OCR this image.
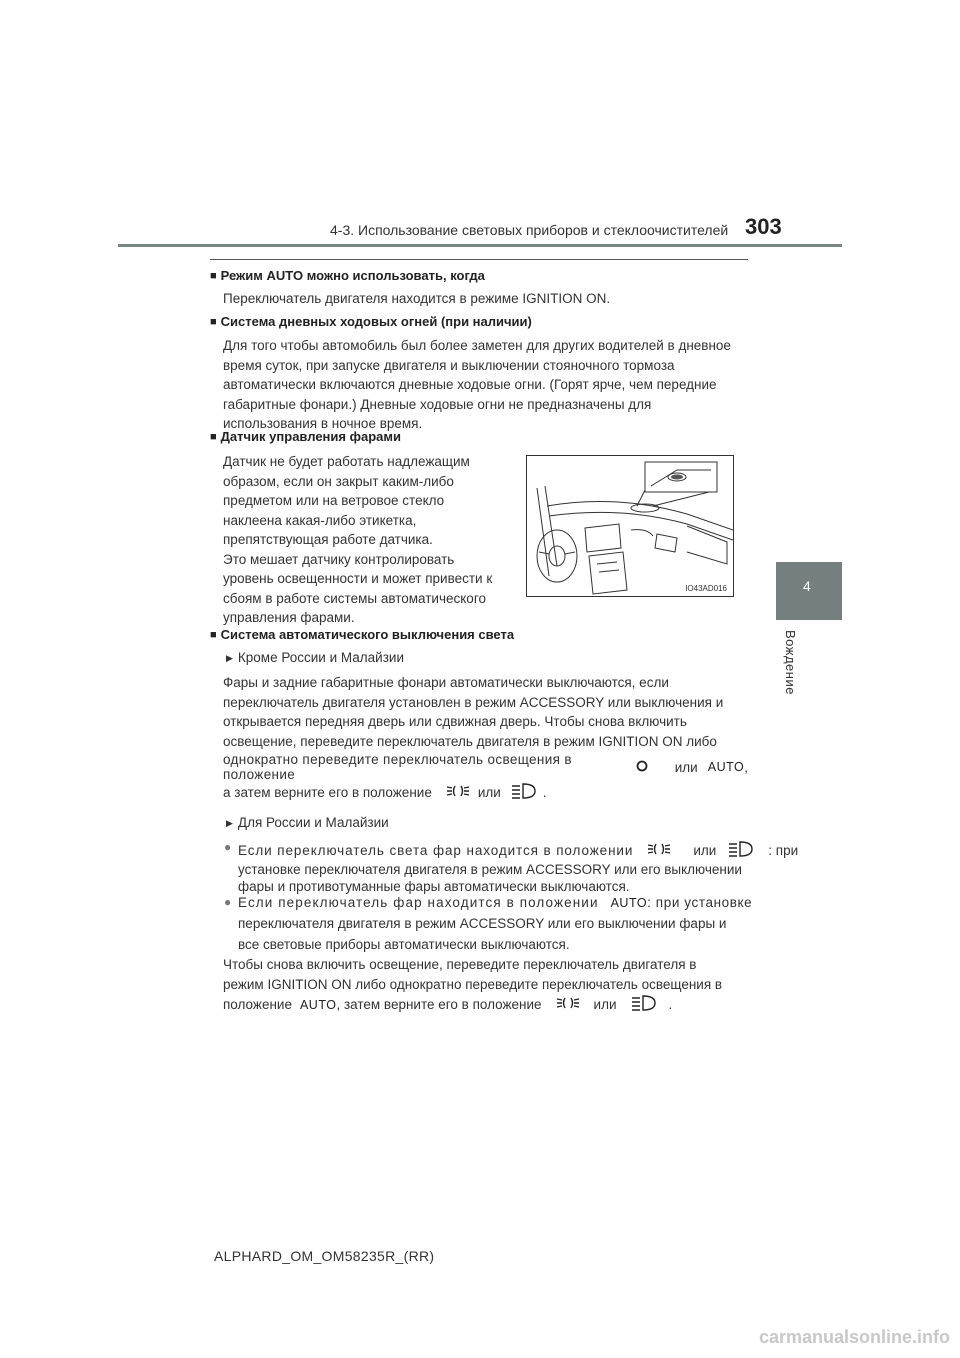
4-3. Использование световых приборов и стеклоочистителей 303
4
Вождение
■ Режим AUTO можно использовать, когда
Переключатель двигателя находится в режиме IGNITION ON.
■ Система дневных ходовых огней (при наличии)
Для того чтобы автомобиль был более заметен для других водителей в дневное
время суток, при запуске двигателя и выключении стояночного тормоза
автоматически включаются дневные ходовые огни. (Горят ярче, чем передние
габаритные фонари.) Дневные ходовые огни не предназначены для
использования в ночное время.
■ Датчик управления фарами
Датчик не будет работать надлежащим
образом, если он закрыт каким-либо
предметом или на ветровое стекло
наклеена какая-либо этикетка,
препятствующая работе датчика.
Это мешает датчику контролировать
уровень освещенности и может привести к
сбоям в работе системы автоматического
управления фарами.
IO43AD016
■ Система автоматического выключения света
▶ Кроме России и Малайзии
Фары и задние габаритные фонари автоматически выключаются, если
переключатель двигателя установлен в режим ACCESSORY или выключения и
открывается передняя дверь или сдвижная дверь. Чтобы снова включить
освещение, переведите переключатель двигателя в режим IGNITION ON либо
однократно переведите переключатель освещения в положение	или AUTO ,
а затем верните его в положение	или	.
▶ Для России и Малайзии
● Если переключатель света фар находится в положении	или	: при
установке переключателя двигателя в режим ACCESSORY или его выключении
фары и противотуманные фары автоматически выключаются.
● Если переключатель фар находится в положении AUTO : при установке
переключателя двигателя в режим ACCESSORY или его выключении фары и
все световые приборы автоматически выключаются.
Чтобы снова включить освещение, переведите переключатель двигателя в
режим IGNITION ON либо однократно переведите переключатель освещения в
положение AUTO , затем верните его в положение	или	.
ALPHARD_OM_OM58235R_(RR)
carmanualsonline.info
